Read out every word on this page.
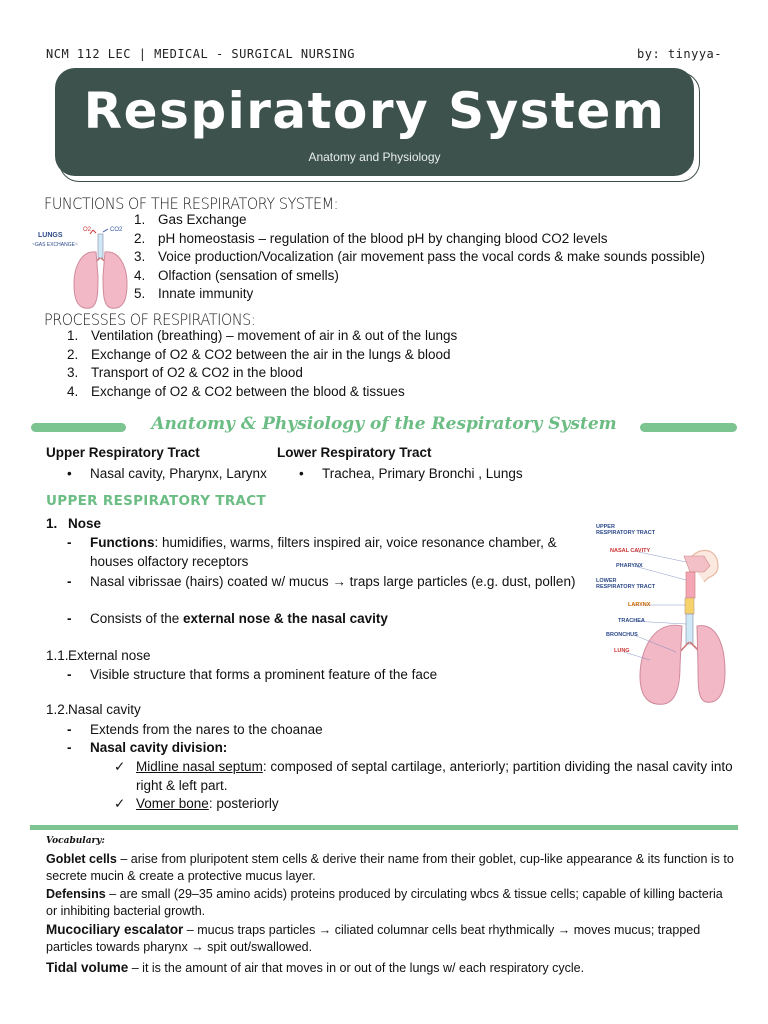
NCM 112 LEC | MEDICAL - SURGICAL NURSING	by: tinyya-
Respiratory System
Anatomy and Physiology
FUNCTIONS OF THE RESPIRATORY SYSTEM:
LUNGS
~GAS EXCHANGE~
O2	CO2
1. Gas Exchange
2. pH homeostasis – regulation of the blood pH by changing blood CO2 levels
3. Voice production/Vocalization (air movement pass the vocal cords & make sounds possible)
4. Olfaction (sensation of smells)
5. Innate immunity
PROCESSES OF RESPIRATIONS:
1. Ventilation (breathing) – movement of air in & out of the lungs
2. Exchange of O2 & CO2 between the air in the lungs & blood
3. Transport of O2 & CO2 in the blood
4. Exchange of O2 & CO2 between the blood & tissues
Anatomy & Physiology of the Respiratory System
Upper Respiratory Tract	Lower Respiratory Tract
• Nasal cavity, Pharynx, Larynx
•	Trachea, Primary Bronchi , Lungs
UPPER RESPIRATORY TRACT
1. Nose
- Functions: humidifies, warms, filters inspired air, voice resonance chamber, & houses olfactory receptors
- Nasal vibrissae (hairs) coated w/ mucus → traps large particles (e.g. dust, pollen)
- Consists of the external nose & the nasal cavity
1.1. External nose
- Visible structure that forms a prominent feature of the face
1.2. Nasal cavity
- Extends from the nares to the choanae
- Nasal cavity division:
✓ Midline nasal septum: composed of septal cartilage, anteriorly; partition dividing the nasal cavity into right & left part.
✓ Vomer bone: posteriorly
UPPER
RESPIRATORY TRACT
NASAL CAVITY
PHARYNX
LOWER
RESPIRATORY TRACT
LARYNX
TRACHEA
BRONCHUS
LUNG
Vocabulary:
Goblet cells – arise from pluripotent stem cells & derive their name from their goblet, cup-like appearance & its function is to secrete mucin & create a protective mucus layer.
Defensins – are small (29–35 amino acids) proteins produced by circulating wbcs & tissue cells; capable of killing bacteria or inhibiting bacterial growth.
Mucociliary escalator – mucus traps particles → ciliated columnar cells beat rhythmically → moves mucus; trapped particles towards pharynx → spit out/swallowed.
Tidal volume – it is the amount of air that moves in or out of the lungs w/ each respiratory cycle.
